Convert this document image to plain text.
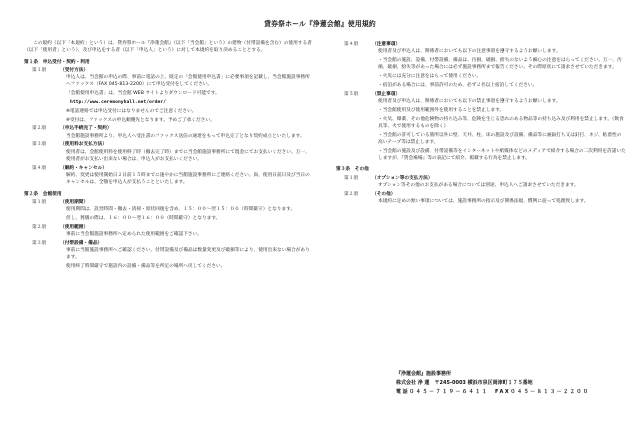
貸券祭ホール『浄蓮会館』使用規約

この規約（以下「本規約」という）は、貸券祭ホール『浄蓮会館』（以下「当会館」という）の建物（付帯設備を含む）の使用する者（以下「使用者」という）、及び申込をする者（以下「申込人」という）に対して本規約を取り決めることとする。

第１条　申込受付・契約・利用
第１項	（受付方法）
申込人は、当会館の申込の際、事前に電話の上、既定の「会館使用申込書」に必要事項を記載し、当会館施設事務所へファックス（FAX 045-813-2200）にて申込受付をしてください。
「会館使用申込書」は、当会館 WEB サイトよりダウンロード可能です。
http://www.ceremonyhall.net/order/
※電話連絡では申込受付にはなりませんのでご注意ください。
※受付は、ファックスの申込順優先となります。予めご了承ください。
第２項	（申込手続完了・契約）
当会館施設事務所より、申込人へ受注書のファックス送信の通達をもって申込完了となり契約成立といたします。
第３項	（使用料お支払方法）
使用者は、会館使用料を使用終了時（撤去完了時）までに当会館施設事務所にて現金にてお支払いください。万一、使用者がお支払い出来ない場合は、申込人がお支払いください。
第４項	（解約・キャンセル）
解約、変更は使用開始日２日前１５時までに速やかに当館施設事務所にご連絡ください。尚、使用日前日及び当日のキャンセルは、全額を申込人が支払うことといたします。
第２条　会館使用
第１項	（使用期間）
使用期間は、設営時間・撤去・清掃・原状回復を含め、１５：００～翌１５：００（時間厳守）となります。
但し、葬儀の際は、１６：００～翌１６：００（時間厳守）となります。
第２項	（使用範囲）
事前に当会館施設事務所へ定められた使用範囲をご確認下さい。
第３項	（付帯設備・備品）
事前に当館施設事務所へご確認ください。付帯設備及び備品は数量変更及び破損等により、使用出来ない場合があります。
使用終了時間厳守で施設内の設備・備品等を所定の場所へ戻してください。
第４項	（注意事項）
使用者及び申込人は、関係者においても以下の注意事項を遵守するようお願いします。
・当会館の施設、設備、付帯設備、備品は、汚損、破損、紛失のないよう細心の注意をはらってください。万一、汚損、破損、紛失等があった場合には必ず施設事務所まで報告ください。その際原状にて請求させていただきます。
・火災には充分に注意をはらって使用ください。
・宿泊がある場合には、事前許可のため、必ず２名以上宿泊してください。
第５項	（禁止事項）
使用者及び申込人は、関係者においても以下の禁止事項を遵守するようお願いします。
・当会館使用及び使用範囲外を使用することを禁止します。
・火気、爆薬、その他危険物の持ち込み等、危険を生じる恐れのある物品等の持ち込み及び利用を禁止します。（飲食具等、火で使用するものを除く）
・当会館の許可している箇所以外に壁、天井、柱、床の施設及び設備、備品等に画鋲打ち又は釘打、ネジ、粘着性の高いテープ等は禁止します。
・当会館の施設及び設備、付帯設備等をインターネットや紙媒体などのメディアで紹介する場合の二次利用を許諾いたしますが、『貸会場場』等の表記にて紹介、掲載する行為を禁止します。
第３条　その他
第１項	（オプション等の支払方法）
オプション等その他のお支払がある場合については別途、申込人へご請求させていただきます。
第２項	（その他）
本規約に定めの無い事項については、施設事務所の指示及び関係法規、慣例に従って処理致します。
『浄蓮会館』施設事務所
株式会社 浄 蓮　〒245-0003 横浜市泉区岡津町１７５番地
電話０４５－７１９－６４１１　FAX０４５－８１３－２２００
